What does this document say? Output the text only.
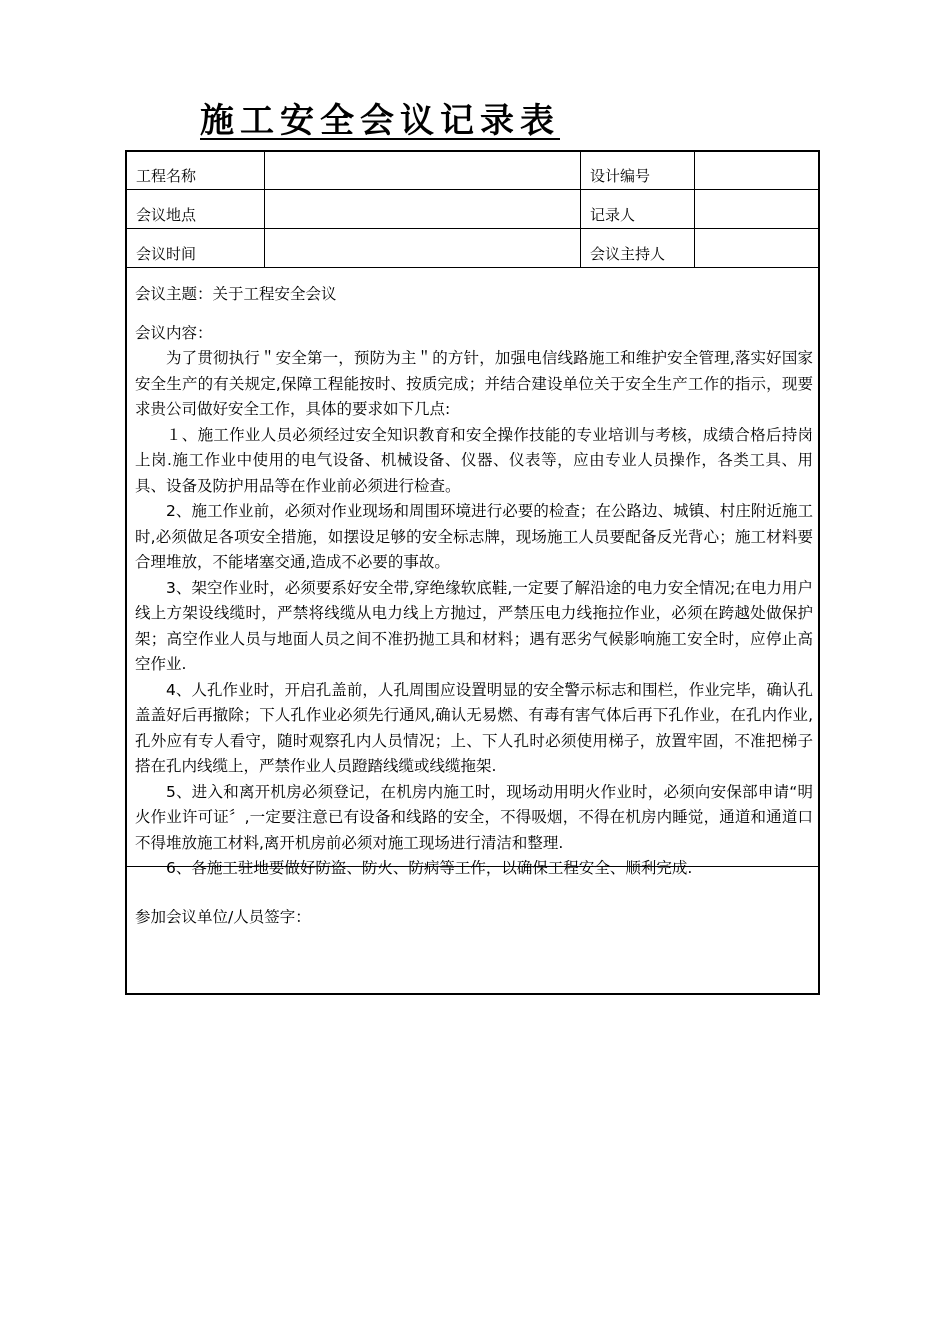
施工安全会议记录表
工程名称	设计编号
会议地点	记录人
会议时间	会议主持人

会议主题：关于工程安全会议

会议内容：

为了贯彻执行＂安全第一，预防为主＂的方针，加强电信线路施工和维护安全管理,落实好国家安全生产的有关规定,保障工程能按时、按质完成；并结合建设单位关于安全生产工作的指示，现要求贵公司做好安全工作，具体的要求如下几点:

１、施工作业人员必须经过安全知识教育和安全操作技能的专业培训与考核，成绩合格后持岗上岗.施工作业中使用的电气设备、机械设备、仪器、仪表等，应由专业人员操作，各类工具、用具、设备及防护用品等在作业前必须进行检查。

2、施工作业前，必须对作业现场和周围环境进行必要的检查；在公路边、城镇、村庄附近施工时,必须做足各项安全措施，如摆设足够的安全标志牌，现场施工人员要配备反光背心；施工材料要合理堆放，不能堵塞交通,造成不必要的事故。

3、架空作业时，必须要系好安全带,穿绝缘软底鞋,一定要了解沿途的电力安全情况;在电力用户线上方架设线缆时，严禁将线缆从电力线上方抛过，严禁压电力线拖拉作业，必须在跨越处做保护架；高空作业人员与地面人员之间不准扔抛工具和材料；遇有恶劣气候影响施工安全时，应停止高空作业.

4、人孔作业时，开启孔盖前，人孔周围应设置明显的安全警示标志和围栏，作业完毕，确认孔盖盖好后再撤除；下人孔作业必须先行通风,确认无易燃、有毒有害气体后再下孔作业，在孔内作业,孔外应有专人看守，随时观察孔内人员情况；上、下人孔时必须使用梯子，放置牢固，不准把梯子搭在孔内线缆上，严禁作业人员蹬踏线缆或线缆拖架.

5、进入和离开机房必须登记，在机房内施工时，现场动用明火作业时，必须向安保部申请“明火作业许可证〞,一定要注意已有设备和线路的安全，不得吸烟，不得在机房内睡觉，通道和通道口不得堆放施工材料,离开机房前必须对施工现场进行清洁和整理.

6、各施工驻地要做好防盗、防火、防病等工作，以确保工程安全、顺利完成.

参加会议单位/人员签字：
